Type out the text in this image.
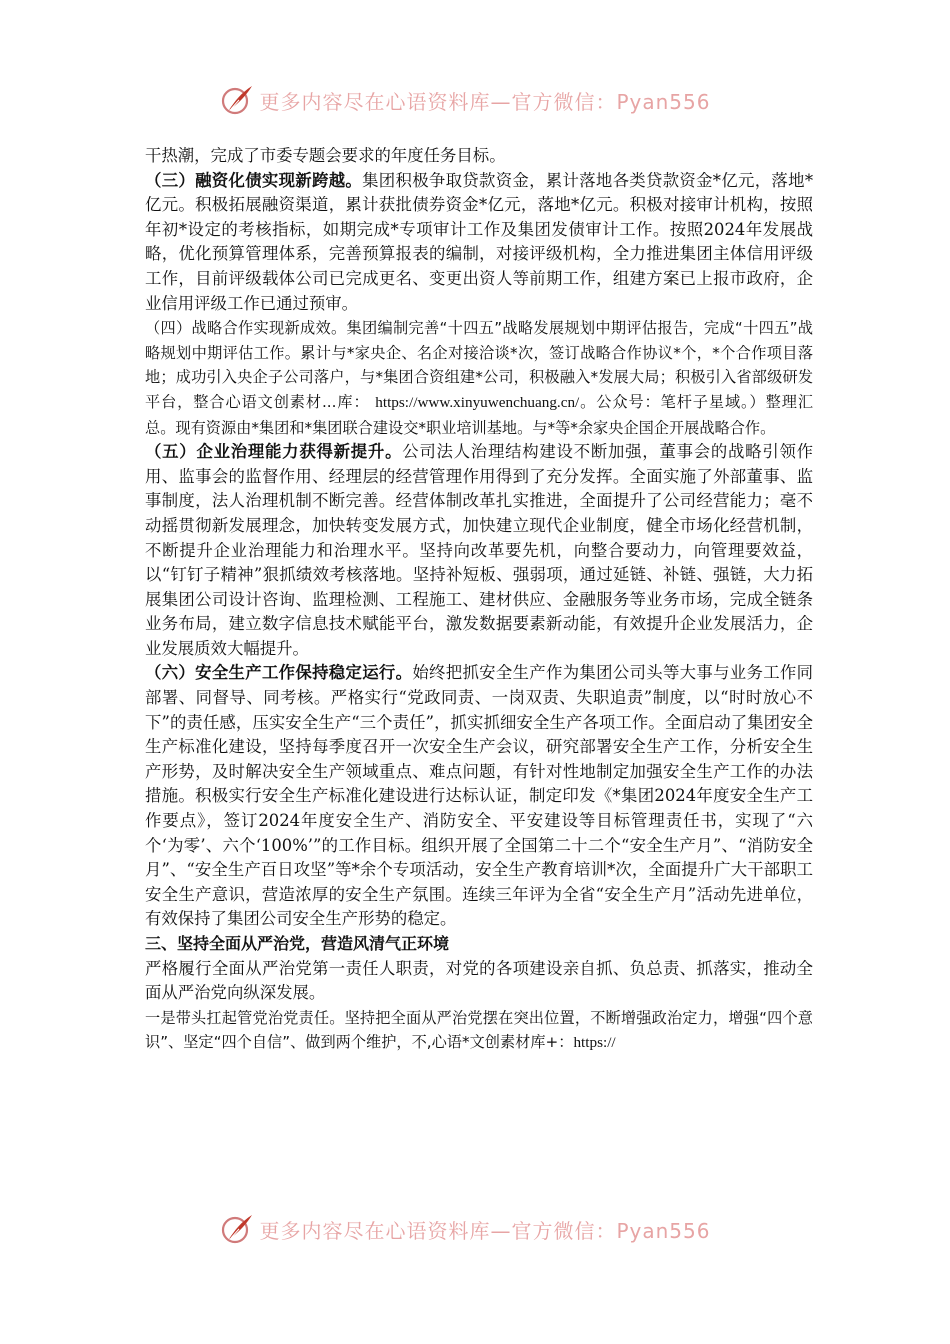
更多内容尽在心语资料库—官方微信：Pyan556

干热潮，完成了市委专题会要求的年度任务目标。

（三）融资化债实现新跨越。集团积极争取贷款资金，累计落地各类贷款资金*亿元，落地*亿元。积极拓展融资渠道，累计获批债券资金*亿元，落地*亿元。积极对接审计机构，按照年初*设定的考核指标，如期完成*专项审计工作及集团发债审计工作。按照2024年发展战略，优化预算管理体系，完善预算报表的编制，对接评级机构，全力推进集团主体信用评级工作，目前评级载体公司已完成更名、变更出资人等前期工作，组建方案已上报市政府，企业信用评级工作已通过预审。

（四）战略合作实现新成效。集团编制完善“十四五”战略发展规划中期评估报告，完成“十四五”战略规划中期评估工作。累计与*家央企、名企对接洽谈*次，签订战略合作协议*个，*个合作项目落地；成功引入央企子公司落户，与*集团合资组建*公司，积极融入*发展大局；积极引入省部级研发平台，整合心语文创素材...库： https://www.xinyuwenchuang.cn/。公众号：笔杆子星域。）整理汇总。现有资源由*集团和*集团联合建设交*职业培训基地。与*等*余家央企国企开展战略合作。

（五）企业治理能力获得新提升。公司法人治理结构建设不断加强，董事会的战略引领作用、监事会的监督作用、经理层的经营管理作用得到了充分发挥。全面实施了外部董事、监事制度，法人治理机制不断完善。经营体制改革扎实推进，全面提升了公司经营能力；毫不动摇贯彻新发展理念，加快转变发展方式，加快建立现代企业制度，健全市场化经营机制，不断提升企业治理能力和治理水平。坚持向改革要先机，向整合要动力，向管理要效益，以“钉钉子精神”狠抓绩效考核落地。坚持补短板、强弱项，通过延链、补链、强链，大力拓展集团公司设计咨询、监理检测、工程施工、建材供应、金融服务等业务市场，完成全链条业务布局，建立数字信息技术赋能平台，激发数据要素新动能，有效提升企业发展活力，企业发展质效大幅提升。

（六）安全生产工作保持稳定运行。始终把抓安全生产作为集团公司头等大事与业务工作同部署、同督导、同考核。严格实行“党政同责、一岗双责、失职追责”制度，以“时时放心不下”的责任感，压实安全生产“三个责任”，抓实抓细安全生产各项工作。全面启动了集团安全生产标准化建设，坚持每季度召开一次安全生产会议，研究部署安全生产工作，分析安全生产形势，及时解决安全生产领域重点、难点问题，有针对性地制定加强安全生产工作的办法措施。积极实行安全生产标准化建设进行达标认证，制定印发《*集团2024年度安全生产工作要点》，签订2024年度安全生产、消防安全、平安建设等目标管理责任书，实现了“六个‘为零’、六个‘100%’”的工作目标。组织开展了全国第二十二个“安全生产月”、“消防安全月”、“安全生产百日攻坚”等*余个专项活动，安全生产教育培训*次，全面提升广大干部职工安全生产意识，营造浓厚的安全生产氛围。连续三年评为全省“安全生产月”活动先进单位，有效保持了集团公司安全生产形势的稳定。

三、坚持全面从严治党，营造风清气正环境

严格履行全面从严治党第一责任人职责，对党的各项建设亲自抓、负总责、抓落实，推动全面从严治党向纵深发展。

一是带头扛起管党治党责任。坚持把全面从严治党摆在突出位置，不断增强政治定力，增强“四个意识”、坚定“四个自信”、做到两个维护，不,心语*文创素材库+：https://

更多内容尽在心语资料库—官方微信：Pyan556
